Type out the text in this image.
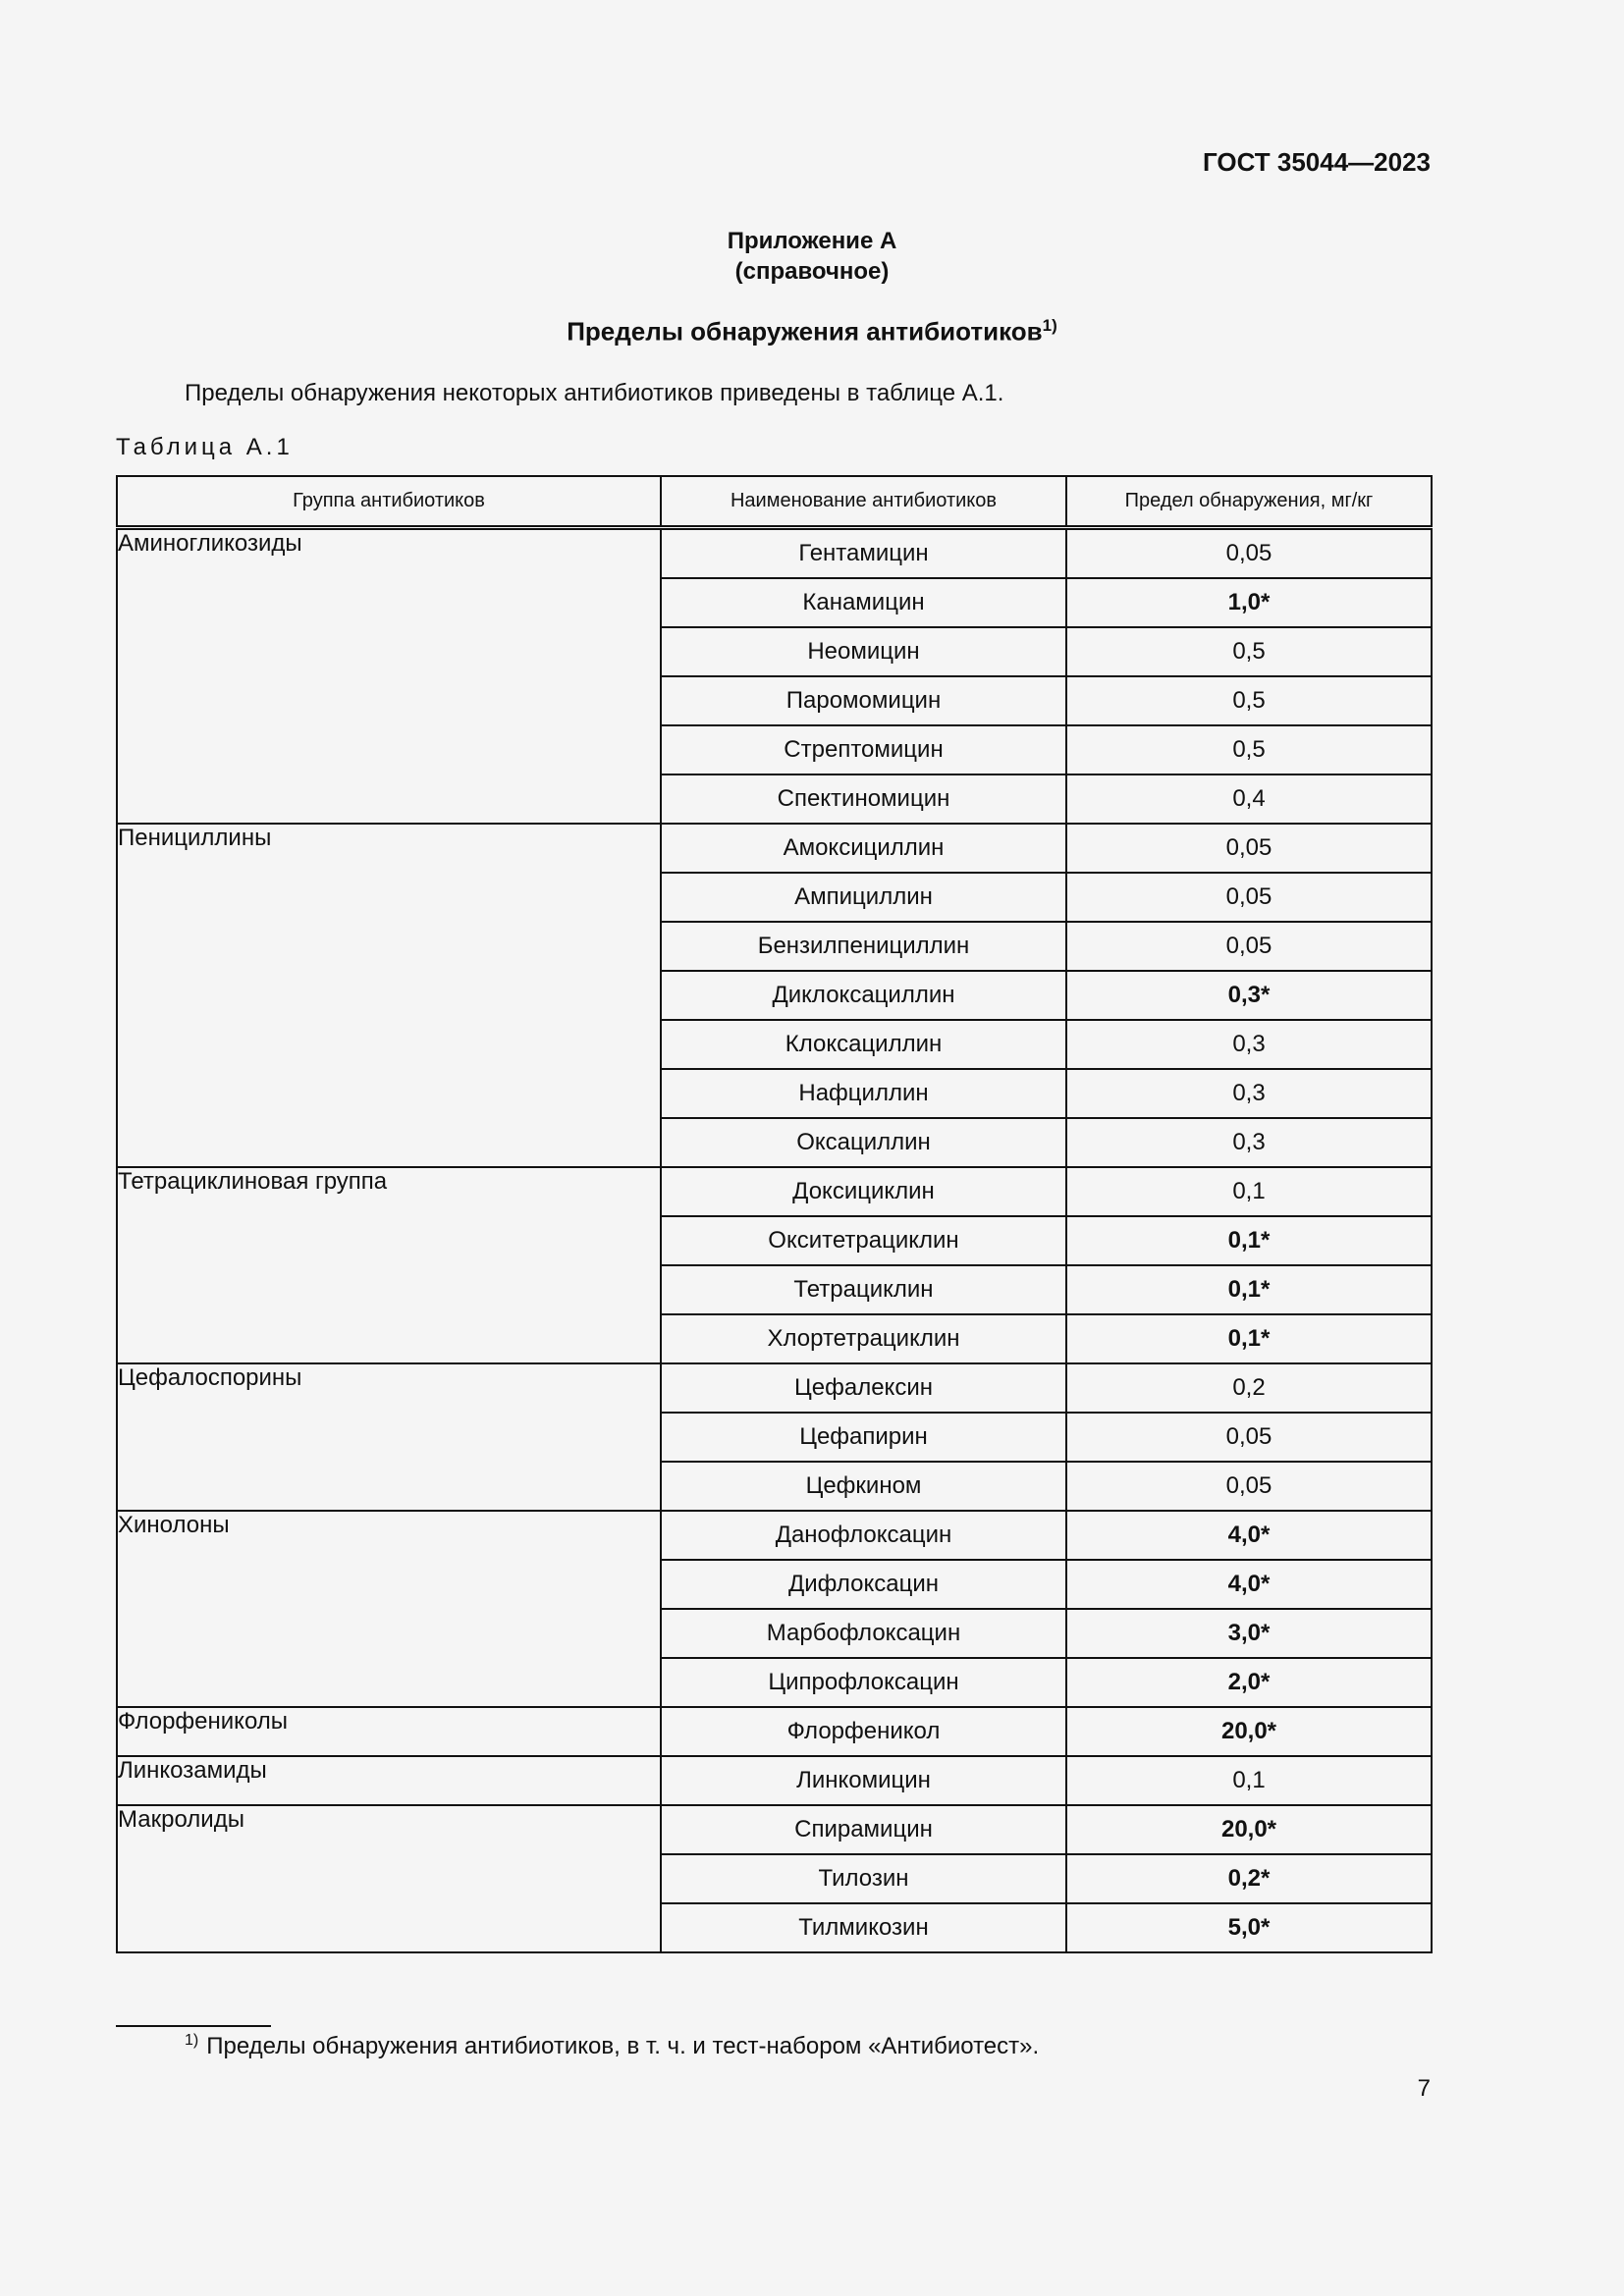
ГОСТ 35044—2023
Приложение А
(справочное)
Пределы обнаружения антибиотиков$^{1)}$
Пределы обнаружения некоторых антибиотиков приведены в таблице А.1.
Таблица А.1
Группа антибиотиков	Наименование антибиотиков	Предел обнаружения, мг/кг
Аминогликозиды	Гентамицин	0,05
	Канамицин	1,0*
	Неомицин	0,5
	Паромомицин	0,5
	Стрептомицин	0,5
	Спектиномицин	0,4
Пенициллины	Амоксициллин	0,05
	Ампициллин	0,05
	Бензилпенициллин	0,05
	Диклоксациллин	0,3*
	Клоксациллин	0,3
	Нафциллин	0,3
	Оксациллин	0,3
Тетрациклиновая группа	Доксициклин	0,1
	Окситетрациклин	0,1*
	Тетрациклин	0,1*
	Хлортетрациклин	0,1*
Цефалоспорины	Цефалексин	0,2
	Цефапирин	0,05
	Цефкином	0,05
Хинолоны	Данофлоксацин	4,0*
	Дифлоксацин	4,0*
	Марбофлоксацин	3,0*
	Ципрофлоксацин	2,0*
Флорфениколы	Флорфеникол	20,0*
Линкозамиды	Линкомицин	0,1
Макролиды	Спирамицин	20,0*
	Тилозин	0,2*
	Тилмикозин	5,0*
$^{1)}$ Пределы обнаружения антибиотиков, в т. ч. и тест-набором «Антибиотест».
7
